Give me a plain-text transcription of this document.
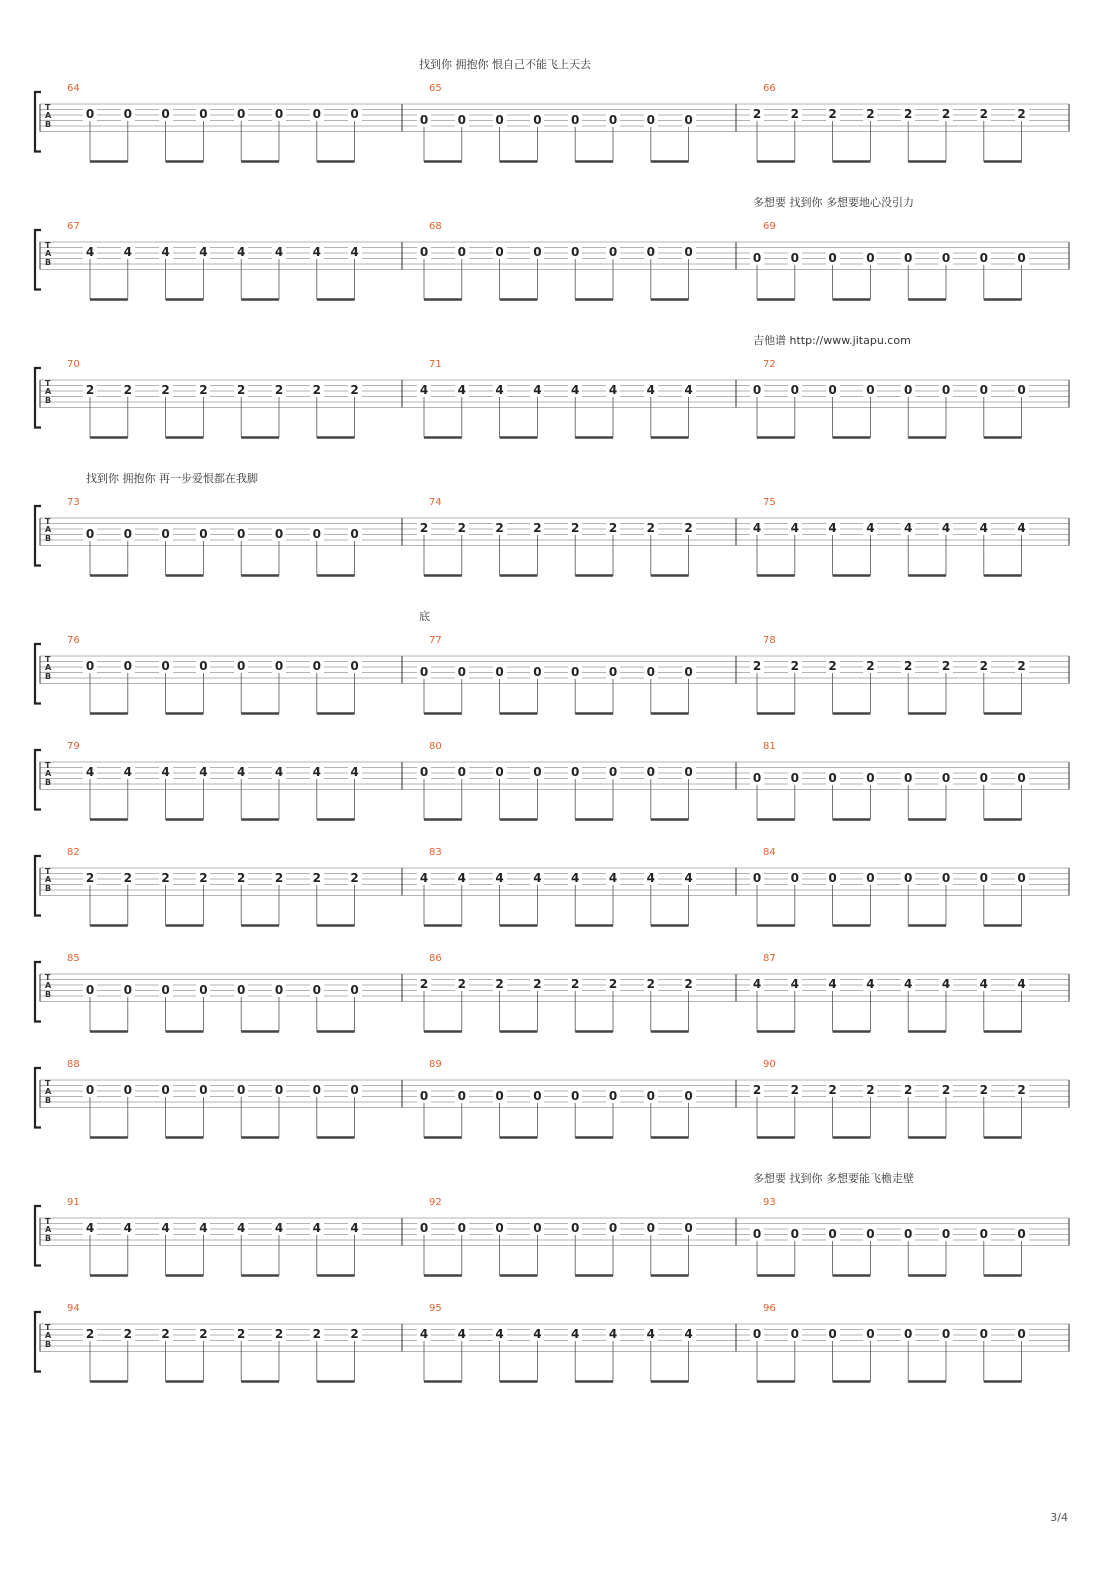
T
A
B
找到你 拥抱你 恨自己不能飞上天去
64
0 0 0 0 0 0 0 0
65
0 0 0 0 0 0 0 0
66
2 2 2 2 2 2 2 2
T
A
B
多想要 找到你 多想要地心没引力
67
4 4 4 4 4 4 4 4
68
0 0 0 0 0 0 0 0
69
0 0 0 0 0 0 0 0
T
A
B
吉他谱 http://www.jitapu.com
70
2 2 2 2 2 2 2 2
71
4 4 4 4 4 4 4 4
72
0 0 0 0 0 0 0 0
T
A
B
找到你 拥抱你 再一步爱恨都在我脚
73
0 0 0 0 0 0 0 0
74
2 2 2 2 2 2 2 2
75
4 4 4 4 4 4 4 4
T
A
B
底
76
0 0 0 0 0 0 0 0
77
0 0 0 0 0 0 0 0
78
2 2 2 2 2 2 2 2
T
A
B
79
4 4 4 4 4 4 4 4
80
0 0 0 0 0 0 0 0
81
0 0 0 0 0 0 0 0
T
A
B
82
2 2 2 2 2 2 2 2
83
4 4 4 4 4 4 4 4
84
0 0 0 0 0 0 0 0
T
A
B
85
0 0 0 0 0 0 0 0
86
2 2 2 2 2 2 2 2
87
4 4 4 4 4 4 4 4
T
A
B
88
0 0 0 0 0 0 0 0
89
0 0 0 0 0 0 0 0
90
2 2 2 2 2 2 2 2
T
A
B
多想要 找到你 多想要能飞檐走壁
91
4 4 4 4 4 4 4 4
92
0 0 0 0 0 0 0 0
93
0 0 0 0 0 0 0 0
T
A
B
94
2 2 2 2 2 2 2 2
95
4 4 4 4 4 4 4 4
96
0 0 0 0 0 0 0 0
3/4
